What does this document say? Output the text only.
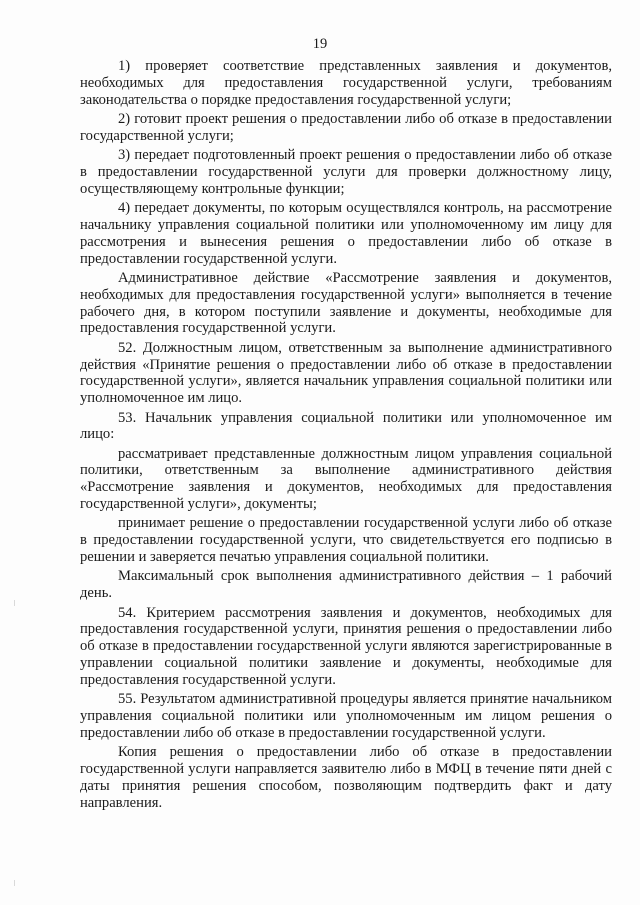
19

1) проверяет соответствие представленных заявления и документов, необходимых для предоставления государственной услуги, требованиям законодательства о порядке предоставления государственной услуги;

2) готовит проект решения о предоставлении либо об отказе в предоставлении государственной услуги;

3) передает подготовленный проект решения о предоставлении либо об отказе в предоставлении государственной услуги для проверки должностному лицу, осуществляющему контрольные функции;

4) передает документы, по которым осуществлялся контроль, на рассмотрение начальнику управления социальной политики или уполномоченному им лицу для рассмотрения и вынесения решения о предоставлении либо об отказе в предоставлении государственной услуги.

Административное действие «Рассмотрение заявления и документов, необходимых для предоставления государственной услуги» выполняется в течение рабочего дня, в котором поступили заявление и документы, необходимые для предоставления государственной услуги.

52. Должностным лицом, ответственным за выполнение административного действия «Принятие решения о предоставлении либо об отказе в предоставлении государственной услуги», является начальник управления социальной политики или уполномоченное им лицо.

53. Начальник управления социальной политики или уполномоченное им лицо:

рассматривает представленные должностным лицом управления социальной политики, ответственным за выполнение административного действия «Рассмотрение заявления и документов, необходимых для предоставления государственной услуги», документы;

принимает решение о предоставлении государственной услуги либо об отказе в предоставлении государственной услуги, что свидетельствуется его подписью в решении и заверяется печатью управления социальной политики.

Максимальный срок выполнения административного действия – 1 рабочий день.

54. Критерием рассмотрения заявления и документов, необходимых для предоставления государственной услуги, принятия решения о предоставлении либо об отказе в предоставлении государственной услуги являются зарегистрированные в управлении социальной политики заявление и документы, необходимые для предоставления государственной услуги.

55. Результатом административной процедуры является принятие начальником управления социальной политики или уполномоченным им лицом решения о предоставлении либо об отказе в предоставлении государственной услуги.

Копия решения о предоставлении либо об отказе в предоставлении государственной услуги направляется заявителю либо в МФЦ в течение пяти дней с даты принятия решения способом, позволяющим подтвердить факт и дату направления.
